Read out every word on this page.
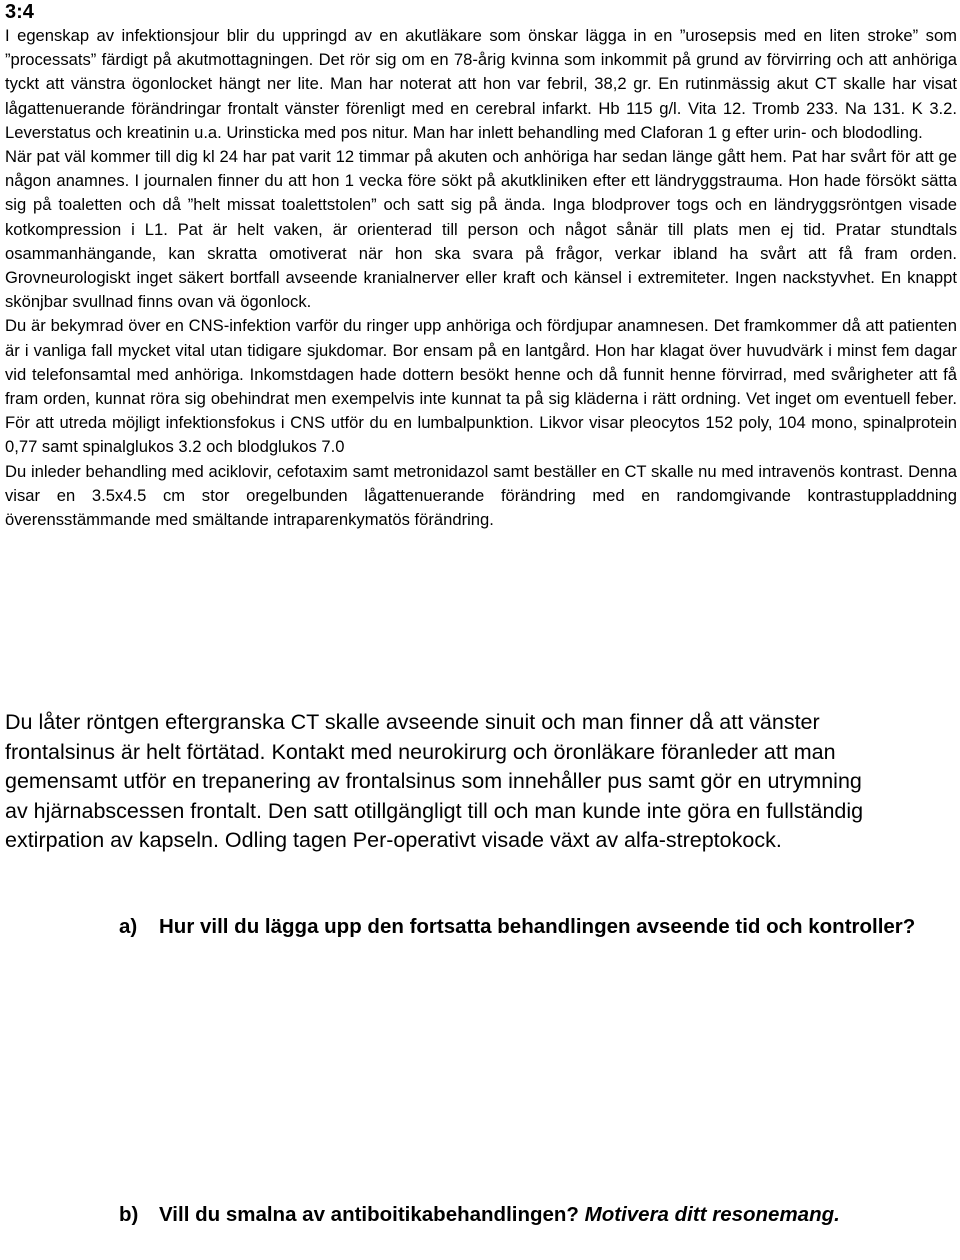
3:4

I egenskap av infektionsjour blir du uppringd av en akutläkare som önskar lägga in en ”urosepsis med en liten stroke” som ”processats” färdigt på akutmottagningen. Det rör sig om en 78-årig kvinna som inkommit på grund av förvirring och att anhöriga tyckt att vänstra ögonlocket hängt ner lite. Man har noterat att hon var febril, 38,2 gr. En rutinmässig akut CT skalle har visat lågattenuerande förändringar frontalt vänster förenligt med en cerebral infarkt. Hb 115 g/l. Vita 12. Tromb 233. Na 131. K 3.2. Leverstatus och kreatinin u.a. Urinsticka med pos nitur. Man har inlett behandling med Claforan 1 g efter urin- och blododling.

När pat väl kommer till dig kl 24 har pat varit 12 timmar på akuten och anhöriga har sedan länge gått hem. Pat har svårt för att ge någon anamnes. I journalen finner du att hon 1 vecka före sökt på akutkliniken efter ett ländryggstrauma. Hon hade försökt sätta sig på toaletten och då ”helt missat toalettstolen” och satt sig på ända. Inga blodprover togs och en ländryggsröntgen visade kotkompression i L1. Pat är helt vaken, är orienterad till person och något sånär till plats men ej tid. Pratar stundtals osammanhängande, kan skratta omotiverat när hon ska svara på frågor, verkar ibland ha svårt att få fram orden. Grovneurologiskt inget säkert bortfall avseende kranialnerver eller kraft och känsel i extremiteter. Ingen nackstyvhet. En knappt skönjbar svullnad finns ovan vä ögonlock.

Du är bekymrad över en CNS-infektion varför du ringer upp anhöriga och fördjupar anamnesen. Det framkommer då att patienten är i vanliga fall mycket vital utan tidigare sjukdomar. Bor ensam på en lantgård. Hon har klagat över huvudvärk i minst fem dagar vid telefonsamtal med anhöriga. Inkomstdagen hade dottern besökt henne och då funnit henne förvirrad, med svårigheter att få fram orden, kunnat röra sig obehindrat men exempelvis inte kunnat ta på sig kläderna i rätt ordning. Vet inget om eventuell feber. För att utreda möjligt infektionsfokus i CNS utför du en lumbalpunktion. Likvor visar pleocytos 152 poly, 104 mono, spinalprotein 0,77 samt spinalglukos 3.2 och blodglukos 7.0

Du inleder behandling med aciklovir, cefotaxim samt metronidazol samt beställer en CT skalle nu med intravenös kontrast. Denna visar en 3.5x4.5 cm stor oregelbunden lågattenuerande förändring med en randomgivande kontrastuppladdning överensstämmande med smältande intraparenkymatös förändring.

Du låter röntgen eftergranska CT skalle avseende sinuit och man finner då att vänster frontalsinus är helt förtätad. Kontakt med neurokirurg och öronläkare föranleder att man gemensamt utför en trepanering av frontalsinus som innehåller pus samt gör en utrymning av hjärnabscessen frontalt. Den satt otillgängligt till och man kunde inte göra en fullständig extirpation av kapseln. Odling tagen Per-operativt visade växt av alfa-streptokock.

a)	Hur vill du lägga upp den fortsatta behandlingen avseende tid och kontroller?
b)	Vill du smalna av antiboitikabehandlingen? Motivera ditt resonemang.
